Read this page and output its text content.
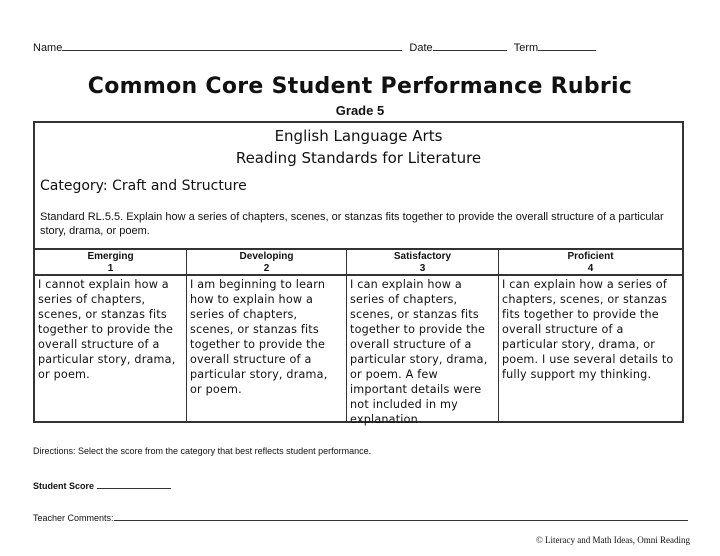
Name	Date	Term
Common Core Student Performance Rubric
Grade 5
English Language Arts
Reading Standards for Literature
Category: Craft and Structure
Standard RL.5.5. Explain how a series of chapters, scenes, or stanzas fits together to provide the overall structure of a particular story, drama, or poem.
Emerging
1
I cannot explain how a series of chapters, scenes, or stanzas fits together to provide the overall structure of a particular story, drama, or poem.
Developing
2
I am beginning to learn how to explain how a series of chapters, scenes, or stanzas fits together to provide the overall structure of a particular story, drama, or poem.
Satisfactory
3
I can explain how a series of chapters, scenes, or stanzas fits together to provide the overall structure of a particular story, drama, or poem. A few important details were not included in my explanation
Proficient
4
I can explain how a series of chapters, scenes, or stanzas fits together to provide the overall structure of a particular story, drama, or poem. I use several details to fully support my thinking.
Directions: Select the score from the category that best reflects student performance.
Student Score
Teacher Comments:
© Literacy and Math Ideas, Omni Reading
